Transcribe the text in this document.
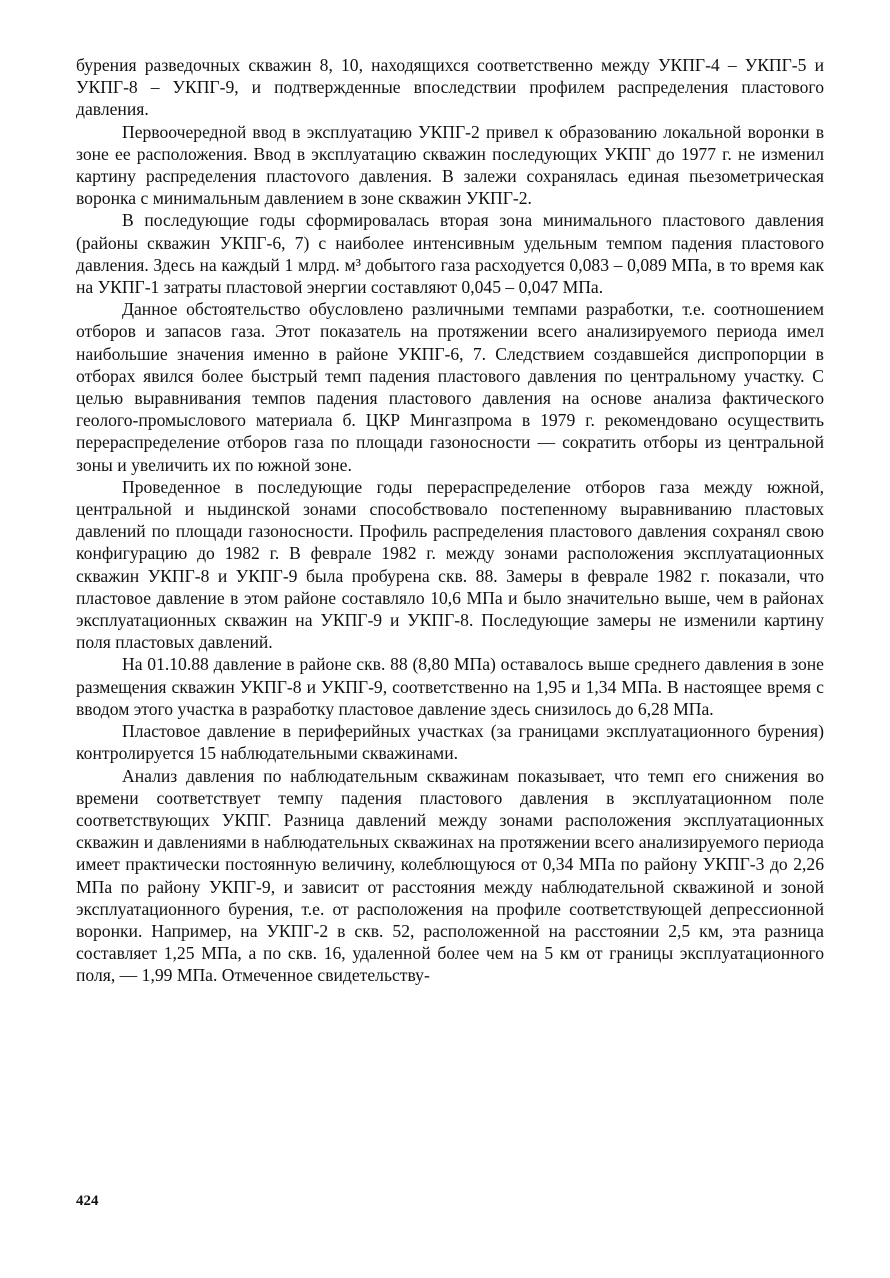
бурения разведочных скважин 8, 10, находящихся соответственно между УКПГ-4 – УКПГ-5 и УКПГ-8 – УКПГ-9, и подтвержденные впоследствии профилем распределения пластового давления.

Первоочередной ввод в эксплуатацию УКПГ-2 привел к образованию локальной воронки в зоне ее расположения. Ввод в эксплуатацию скважин последующих УКПГ до 1977 г. не изменил картину распределения пластоvого давления. В залежи сохранялась единая пьезометрическая воронка с минимальным давлением в зоне скважин УКПГ-2.

В последующие годы сформировалась вторая зона минимального пластового давления (районы скважин УКПГ-6, 7) с наиболее интенсивным удельным темпом падения пластового давления. Здесь на каждый 1 млрд. м³ добытого газа расходуется 0,083 – 0,089 МПа, в то время как на УКПГ-1 затраты пластовой энергии составляют 0,045 – 0,047 МПа.

Данное обстоятельство обусловлено различными темпами разработки, т.е. соотношением отборов и запасов газа. Этот показатель на протяжении всего анализируемого периода имел наибольшие значения именно в районе УКПГ-6, 7. Следствием создавшейся диспропорции в отборах явился более быстрый темп падения пластового давления по центральному участку. С целью выравнивания темпов падения пластового давления на основе анализа фактического геолого-промыслового материала б. ЦКР Мингазпрома в 1979 г. рекомендовано осуществить перераспределение отборов газа по площади газоносности — сократить отборы из центральной зоны и увеличить их по южной зоне.

Проведенное в последующие годы перераспределение отборов газа между южной, центральной и ныдинской зонами способствовало постепенному выравниванию пластовых давлений по площади газоносности. Профиль распределения пластового давления сохранял свою конфигурацию до 1982 г. В феврале 1982 г. между зонами расположения эксплуатационных скважин УКПГ-8 и УКПГ-9 была пробурена скв. 88. Замеры в феврале 1982 г. показали, что пластовое давление в этом районе составляло 10,6 МПа и было значительно выше, чем в районах эксплуатационных скважин на УКПГ-9 и УКПГ-8. Последующие замеры не изменили картину поля пластовых давлений.

На 01.10.88 давление в районе скв. 88 (8,80 МПа) оставалось выше среднего давления в зоне размещения скважин УКПГ-8 и УКПГ-9, соответственно на 1,95 и 1,34 МПа. В настоящее время с вводом этого участка в разработку пластовое давление здесь снизилось до 6,28 МПа.

Пластовое давление в периферийных участках (за границами эксплуатационного бурения) контролируется 15 наблюдательными скважинами.

Анализ давления по наблюдательным скважинам показывает, что темп его снижения во времени соответствует темпу падения пластового давления в эксплуатационном поле соответствующих УКПГ. Разница давлений между зонами расположения эксплуатационных скважин и давлениями в наблюдательных скважинах на протяжении всего анализируемого периода имеет практически постоянную величину, колеблющуюся от 0,34 МПа по району УКПГ-3 до 2,26 МПа по району УКПГ-9, и зависит от расстояния между наблюдательной скважиной и зоной эксплуатационного бурения, т.е. от расположения на профиле соответствующей депрессионной воронки. Например, на УКПГ-2 в скв. 52, расположенной на расстоянии 2,5 км, эта разница составляет 1,25 МПа, а по скв. 16, удаленной более чем на 5 км от границы эксплуатационного поля, — 1,99 МПа. Отмеченное свидетельству-

424
